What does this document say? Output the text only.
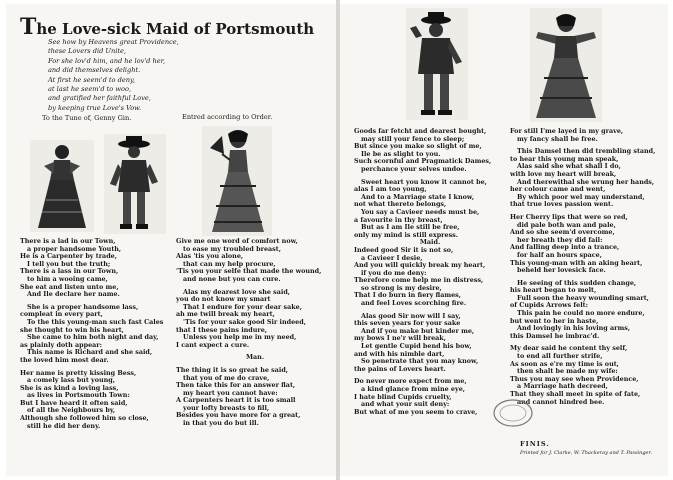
The Love-sick Maid of Portsmouth
See how by Heavens great Providence,
these Lovers did Unite,
For she lov'd him, and he lov'd her,
and did themselves delight.
At first he seem'd to deny,
at last he seem'd to woo,
and gratified her faithful Love,
by keeping true Love's Vow.
To the Tune of, Genny Gin.	Entred according to Order.
There is a lad in our Town,
a proper handsome Youth,
He is a Carpenter by trade,
I tell you but the truth;
There is a lass in our Town,
to him a wooing came,
She eat and listen unto me,
And Ile declare her name.
She is a proper handsome lass,
compleat in every part,
To the this young-man such fast Cales
she thought to win his heart,
She came to him both night and day,
as plainly doth appear:
This name is Richard and she said,
the loved him most dear.
Her name is pretty kissing Bess,
a comely lass but young,
She is as kind a loving lass,
as lives in Portsmouth Town:
But I have heard it often said,
of all the Neighbours by,
Although she followed him so close,
still he did her deny.
Give me one word of comfort now,
to ease my troubled breast,
Alas 'tis you alone,
that can my help procure,
'Tis you your selfe that made the wound,
and none but you can cure.
Alas my dearest love she said,
you do not know my smart
That I endure for your dear sake,
ah me twill break my heart,
'Tis for your sake good Sir indeed,
that I these pains indure,
Unless you help me in my need,
I cant expect a cure.
Man.
The thing it is so great he said,
that you of me do crave,
Then take this for an answer flat,
my heart you cannot have:
A Carpenters heart it is too small
your lofty breasts to fill,
Besides you have more for a great,
in that you do but ill.
Goods far fetcht and dearest bought,
may still your fence to sleep;
But since you make so slight of me,
Ile be as slight to you.
Such scornful and Pragmatick Dames,
perchance your selves undoe.
Sweet heart you know it cannot be,
alas I am too young,
And to a Marriage state I know,
not what thereto belongs,
You say a Cavieer needs must be,
a favourite in thy breast,
But as I am Ile still be free,
only my mind is still express.
Maid.
Indeed good Sir it is not so,
a Cavieer I desie,
And you will quickly break my heart,
if you do me deny:
Therefore come help me in distress,
so strong is my desire,
That I do burn in fiery flames,
and feel Loves scorching fire.
Alas good Sir now will I say,
this seven years for your sake
And if you make but kinder me,
my bows I ne'r will break,
Let gentle Cupid bend his bow,
and with his nimble dart,
So penetrate that you may know,
the pains of Lovers heart.
Do never more expect from me,
a kind glance from mine eye,
I hate blind Cupids cruelty,
and what your suit deny:
But what of me you seem to crave,
For still I'me layed in my grave,
my fancy shall be free.
This Damsel then did trembling stand,
to hear this young man speak,
Alas said she what shall I do,
with love my heart will break,
And therewithal she wrung her hands,
her colour came and went,
By which poor wel may understand,
that true loves passion went.
Her Cherry lips that were so red,
did pale both wan and pale,
And so she seem'd overcome,
her breath they did fail:
And falling deep into a trance,
for half an hours space,
This young-man with an aking heart,
beheld her lovesick face.
He seeing of this sudden change,
his heart began to melt,
Full soon the heavy wounding smart,
of Cupids Arrows felt:
This pain he could no more endure,
but went to her in haste,
And lovingly in his loving arms,
this Damsel he imbrac'd.
My dear said he content thy self,
to end all further strife,
As soon as e're my time is out,
then shalt be made my wife:
Thus you may see when Providence,
a Marriage hath decreed,
That they shall meet in spite of fate,
and cannot hindred bee.
FINIS.
Printed for J. Clarke, W. Thackeray and T. Passinger.
